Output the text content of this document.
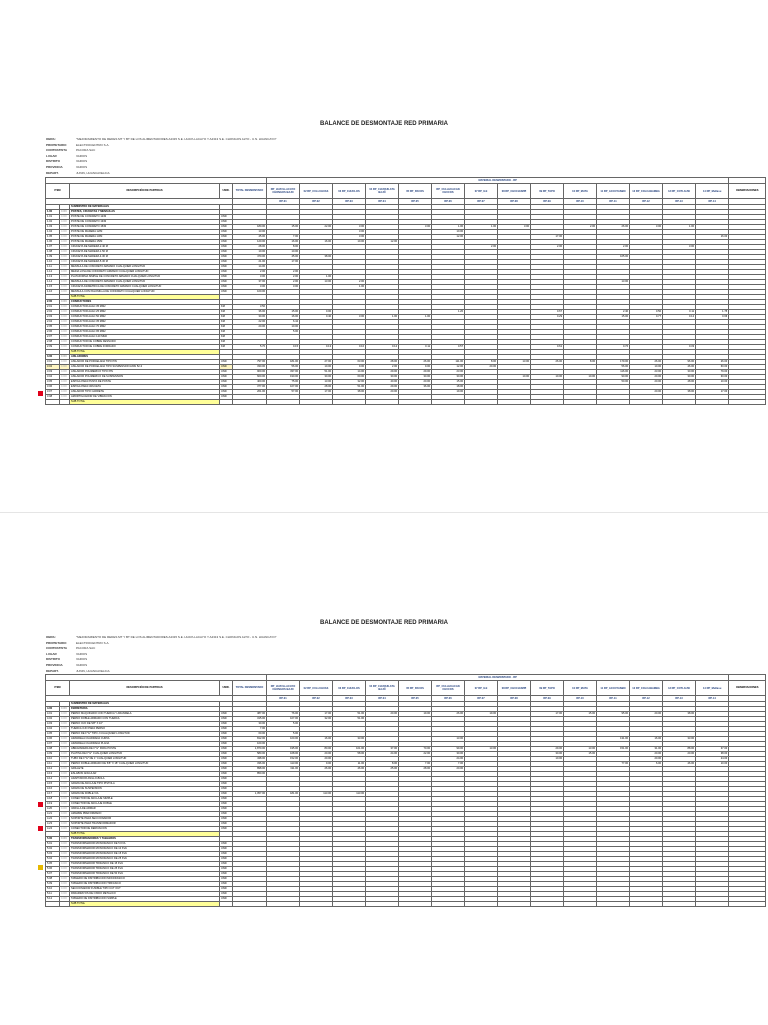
BALANCE DE DESMONTAJE RED PRIMARIA
OBRA:	"MEJORAMIENTO DE REDES MT Y BT DE LOS ALIMENTADORES A4315 S.E. HUAYLLACAYO Y A4313 S.E. CHONGOS ALTO - U.N. HUANCAYO"
PROPIETARIO	ELECTROCENTRO S.A.
CONTRATISTA	PACORA SAC
LUGAR	VARIOS
DISTRITO	VARIOS
PROVINCIA	VARIOS
DEPART.	JUNIN, HUANCAVELICA
					MATERIAL DESMONTADO - RP														
ITEM		DESCRIPCIÓN DE PARTIDAS	UNID.	TOTAL DESMONTADO	RP_HUAYLLACAYO CHONGOS BAJO	02 RP_CULLUHUAS	03 RP_CHUCLOS	04 RP_CHUQUILATA BAJO	05 RP_PACOS	RP_CULLHUACAN CHUCOS	07 RP_ILE	08 RP_CHUCHUMPI	09 RP_TAPO	10 RP_MATA	11 RP_ACCOYANBO	12 RP_COLCABAMBA	13 RP_COTLAUSI	14 RP_Mullasu	OBSERVACIONES
					RP-01	RP-02	RP-03	RP-04	RP-05	RP-06	RP-07	RP-08	RP-09	RP-10	RP-11	RP-12	RP-13	RP-14	
		SUMINISTRO DE MATERIALES																	
1.00	1000	POSTES, CRUCETAS Y MENSULAS																	
1.01	1000	POSTE DE CONCRETO 12/M	UND																
1.02	1000	POSTE DE CONCRETO 13/M	UND																
1.03	1000	POSTE DE CONCRETO 15/M	UND	180.00	15.00	22.00	3.00		3.00	1.00	1.00	3.00		2.00	26.00	3.00	1.00		
1.04	1000	POSTE DE MADERA 12/M	UND	13.00			3.00			10.00									
1.05	1000	POSTE DE MADERA 13/M	UND	45.00	7.00		3.00			12.00			17.00					16.00	
1.06	1000	POSTE DE MADERA 15/M	UND	120.00	16.00	16.00	10.00	12.00											
1.07	1000	CRUCETA DE MADERA 2.40 M	UND	28.00	8.00						2.00		2.00		2.00		3.00		
1.08	1000	CRUCETA DE MADERA 1.50 M	UND	10.00	10.00														
1.09	1000	CRUCETA DE MADERA 4.30 M	UND	470.00	45.00	38.00									165.00				
1.10	1000	CRUCETA DE MADERA 5.30 M	UND	21.00	17.00														
1.11	1000	MENSULA DE CONCRETO ARMADO CUALQUIER LONGITUD	UND	14.00															
1.12	1000	MEDIA LOSA DE CONCRETO ARMADO CUALQUIER LONGITUD	UND	2.00	2.00														
1.13	1000	PLATAFORMA SIMPLE DE CONCRETO ARMADO CUALQUIER LONGITUD	UND	3.00	2.00	1.00													
1.14	1000	MENSULA DE CONCRETO ARMADO CUALQUIER LONGITUD	UND	37.00	2.00	13.00	2.00								13.00				
1.15	1000	CRUCETA ASIMETRICA DE CONCRETO ARMADO CUALQUIER LONGITUD	UND	3.00	3.00		1.00												
1.16	1000	MENSULA CON PALOMILLA DE CONCRETO CUALQUIER LONGITUD	UND	100.00															
		SUB TOTAL																	
2.00	1000	CONDUCTORES																	
2.01	1000	CONDUCTOR AAAC 35 MM2	KM	3.50															
2.02	1000	CONDUCTOR AAAC 25 MM2	KM	36.00	15.00	0.00				1.20			0.67		2.40	0.50	0.11	1.75	
2.03	1000	CONDUCTOR AAAC 50 MM2	KM	30.00	16.00	0.40	3.00	1.00	1.00				0.29		15.00	0.77	0.12	0.66	
2.04	1000	CONDUCTOR AAAC 35 MM2	KM	22.00	6.42														
2.05	1000	CONDUCTOR AAAC 70 MM2	KM	20.00	10.00														
2.06	1000	CONDUCTOR AAAC 95 MM2	KM		5.00														
2.07	1000	CONDUCTOR AAAC 120 MM2	KM																
2.08	1000	CONDUCTOR DE COBRE DESNUDO	KM																
2.09	1000	CONDUCTOR DE COBRE FORRADO	KM	5.70	0.15	0.13	0.10	0.12	0.11	0.57			0.61		0.76		0.33		
		SUB TOTAL																	
3.00	1000	AISLADORES																	
3.01	1000	AISLADOR DE PORCELANA TIPO PIN	UND	797.00	181.00	27.00	63.00	28.00	26.00	111.00	8.00	13.00	26.00	8.00	179.00	26.00	96.00	26.00	
3.02	1000	AISLADOR DE PORCELANA TIPO SUSPENSION ANSI 52-3	UND	330.00	56.00	10.00	9.00	2.00	9.00	12.00	20.00				56.00	10.00	46.00	60.00	
3.03	1000	AISLADOR POLIMERICO TIPO PIN	UND	900.00	337.00	51.00	14.00	29.00	29.00	23.00					116.00	23.00	30.00	79.00	
3.04	1000	AISLADOR POLIMERICO DE SUSPENSION	UND	600.00	190.00	30.00	60.00	30.00	30.00	30.00		10.00	10.00	10.00	90.00	20.00	30.00	30.00	
3.05	1000	ESPIGA PARA PUNTA DE POSTE	UND	400.00	75.00	13.00	32.00	40.00	20.00	15.00					50.00	20.00	48.00	10.00	
3.06	1000	ESPIGA PARA CRUCETA	UND	377.00	107.00	28.00	51.00	29.00	36.00	18.00									
3.07	1000	AISLADOR TIPO CARRETE	UND	261.00	57.00	17.00	38.00	20.00		19.00						20.00	38.00	17.00	
3.08	1000	AMORTIGUADOR DE VIBRACION	UND																
		SUB TOTAL																	
BALANCE DE DESMONTAJE RED PRIMARIA
OBRA:	"MEJORAMIENTO DE REDES MT Y BT DE LOS ALIMENTADORES A4315 S.E. HUAYLLACAYO Y A4313 S.E. CHONGOS ALTO - U.N. HUANCAYO"
PROPIETARIO	ELECTROCENTRO S.A.
CONTRATISTA	PACORA SAC
LUGAR	VARIOS
DISTRITO	VARIOS
PROVINCIA	VARIOS
DEPART.	JUNIN, HUANCAVELICA
					MATERIAL DESMONTADO - RP														
ITEM		DESCRIPCIÓN DE PARTIDAS	UNID.	TOTAL DESMONTADO	RP_HUAYLLACAYO CHONGOS BAJO	02 RP_CULLUHUAS	03 RP_CHUCLOS	04 RP_CHUQUILATA BAJO	05 RP_PACOS	RP_CULLHUACAN CHUCOS	07 RP_ILE	08 RP_CHUCHUMPI	09 RP_TAPO	10 RP_MATA	11 RP_ACCOYANBO	12 RP_COLCABAMBA	13 RP_COTLAUSI	14 RP_Mullasu	OBSERVACIONES
					RP-01	RP-02	RP-03	RP-04	RP-05	RP-06	RP-07	RP-08	RP-09	RP-10	RP-11	RP-12	RP-13	RP-14	
		SUMINISTRO DE MATERIALES																	
4.00	1000	FERRETERIA																	
4.01	1000	PERNO MAQUINADO CON TUERCA Y ARANDELA	UND	387.00	76.00	17.00	51.00	20.00	19.00	26.00	19.00		17.00	15.00	95.00	20.00	38.00		
4.02	1000	PERNO DOBLE ARMADO CON TUERCA	UND	315.00	107.00	32.00	51.00												
4.03	1000	PERNO OJO DE 5/8" X 10"	UND	30.00	5.00														
4.04	1000	TUERCA OJO PARA PERNO	UND	7.00															
4.05	1000	PERNO DE F°G° TIPO J CUALQUIER LONGITUD	UND	60.00	5.00														
4.06	1000	ARANDELA CUADRADA CURVA	UND	812.00	100.00	16.00	33.00			13.00					131.00	16.00	33.00		
4.07	1000	ARANDELA CUADRADA PLANA	UND	100.00															
4.08	1000	ABRAZADERA DE F°G° PARA POSTE	UND	1,870.00	195.00	80.00	101.00	37.00	70.00	99.00	13.00		29.00	13.00	151.00	31.00	88.00	37.00	
4.09	1000	PLATINA DE F°G° CUALQUIER LONGITUD	UND	580.00	168.00	20.00	58.00	24.00	22.00	30.00			30.00	15.00		20.00	20.00	38.00	
4.10	1000	TUBO DE F°G° DE 1" CUALQUIER LONGITUD	UND	438.00	152.00	20.00				24.00			10.00			20.00		24.00	
4.11	1000	PERNO DOBLE ARMADO DE 5/8" X 18" CUALQUIER LONGITUD	UND	336.00	113.00	9.00	11.00	8.00	7.00	7.00					77.00	6.00	46.00	10.00	
4.12	1000	GRILLETE	UND	898.00	311.00	26.00	46.00	25.00	28.00	20.00									
4.13	1000	ESLABON ANGULAR	UND	850.00															
4.14	1000	ADAPTADOR ANILLO-BOLA	UND																
4.15	1000	GRAPA DE ANCLAJE TIPO PISTOLA	UND																
4.16	1000	GRAPA DE SUSPENSION	UND																
4.17	1000	GRAPA DE DOBLE VIA	UND	1,057.00	181.00	113.00	113.00												
4.18	1000	CONECTOR DE ANCLAJE SIMPLE	UND																
4.19	1000	CONECTOR DE ANCLAJE DOBLE	UND																
4.20	1000	VARILLA DE ARMAR	UND																
4.21	1000	AMARRE PREFORMADO	UND																
4.22	1000	SOPORTE PARA SECCIONADOR	UND																
4.23	1000	SOPORTE PARA TRANSFORMADOR	UND																
4.24	1000	CONECTOR DE DERIVACION	UND																
		SUB TOTAL																	
5.00	1000	TRANSFORMADORES Y TABLEROS																	
5.01	1000	TRANSFORMADOR MONOFASICO DE 5 KVA	UND																
5.02	1000	TRANSFORMADOR MONOFASICO DE 10 KVA	UND																
5.03	1000	TRANSFORMADOR MONOFASICO DE 15 KVA	UND																
5.04	1000	TRANSFORMADOR MONOFASICO DE 25 KVA	UND																
5.05	1000	TRANSFORMADOR TRIFASICO DE 15 KVA	UND																
5.06	1000	TRANSFORMADOR TRIFASICO DE 25 KVA	UND																
5.07	1000	TRANSFORMADOR TRIFASICO DE 50 KVA	UND																
5.08	1000	TABLERO DE DISTRIBUCION MONOFASICO	UND																
5.09	1000	TABLERO DE DISTRIBUCION TRIFASICO	UND																
5.10	1000	SECCIONADOR FUSIBLE TIPO CUT OUT	UND																
5.11	1000	PARARRAYOS DE OXIDO METALICO	UND																
5.12	1000	TABLERO DE DISTRIBUCION SIMPLE	UND																
		SUB TOTAL																	
